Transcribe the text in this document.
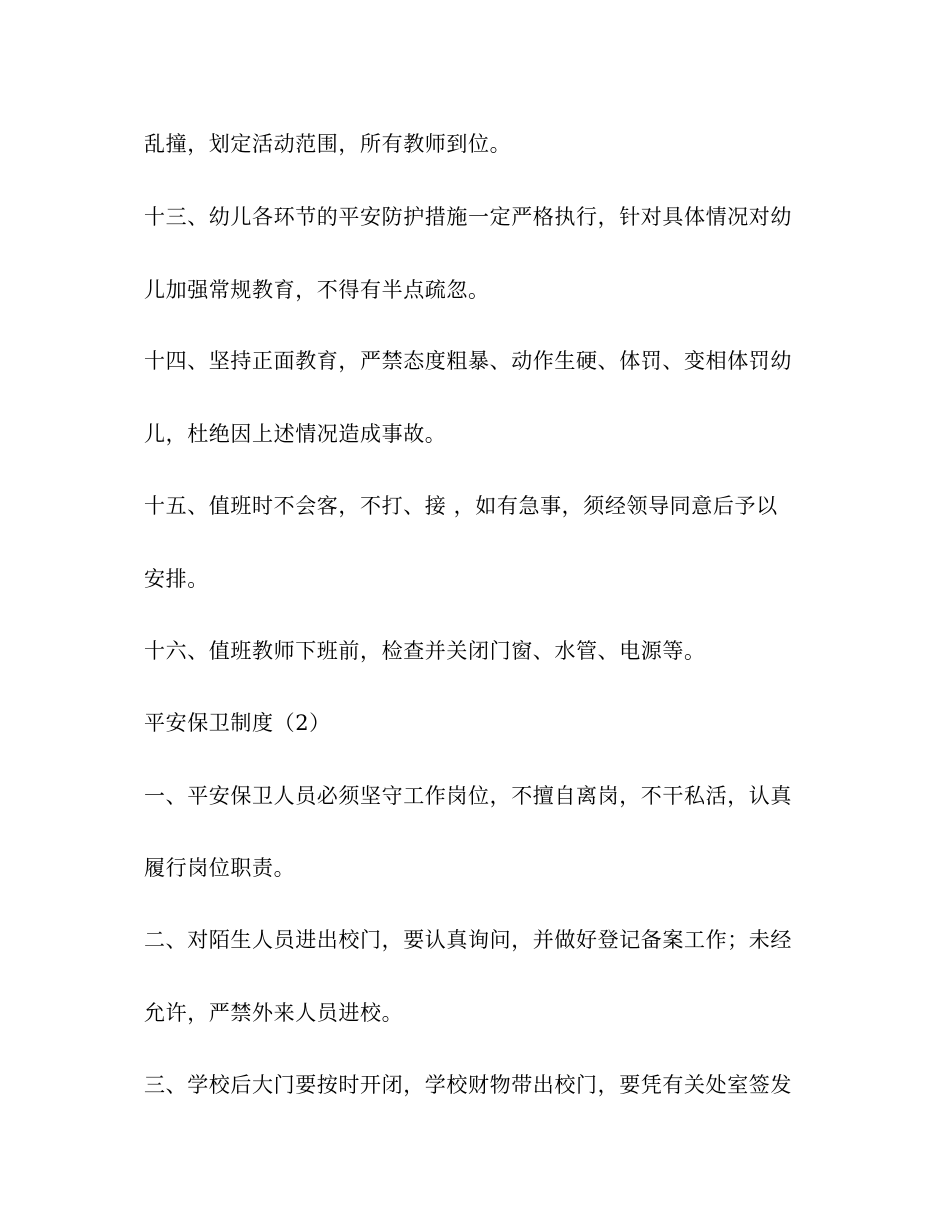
乱撞，划定活动范围，所有教师到位。
十三、幼儿各环节的平安防护措施一定严格执行，针对具体情况对幼
儿加强常规教育，不得有半点疏忽。
十四、坚持正面教育，严禁态度粗暴、动作生硬、体罚、变相体罚幼
儿，杜绝因上述情况造成事故。
十五、值班时不会客，不打、接 ，如有急事，须经领导同意后予以
安排。
十六、值班教师下班前，检查并关闭门窗、水管、电源等。
平安保卫制度（2）
一、平安保卫人员必须坚守工作岗位，不擅自离岗，不干私活，认真
履行岗位职责。
二、对陌生人员进出校门，要认真询问，并做好登记备案工作；未经
允许，严禁外来人员进校。
三、学校后大门要按时开闭，学校财物带出校门，要凭有关处室签发
